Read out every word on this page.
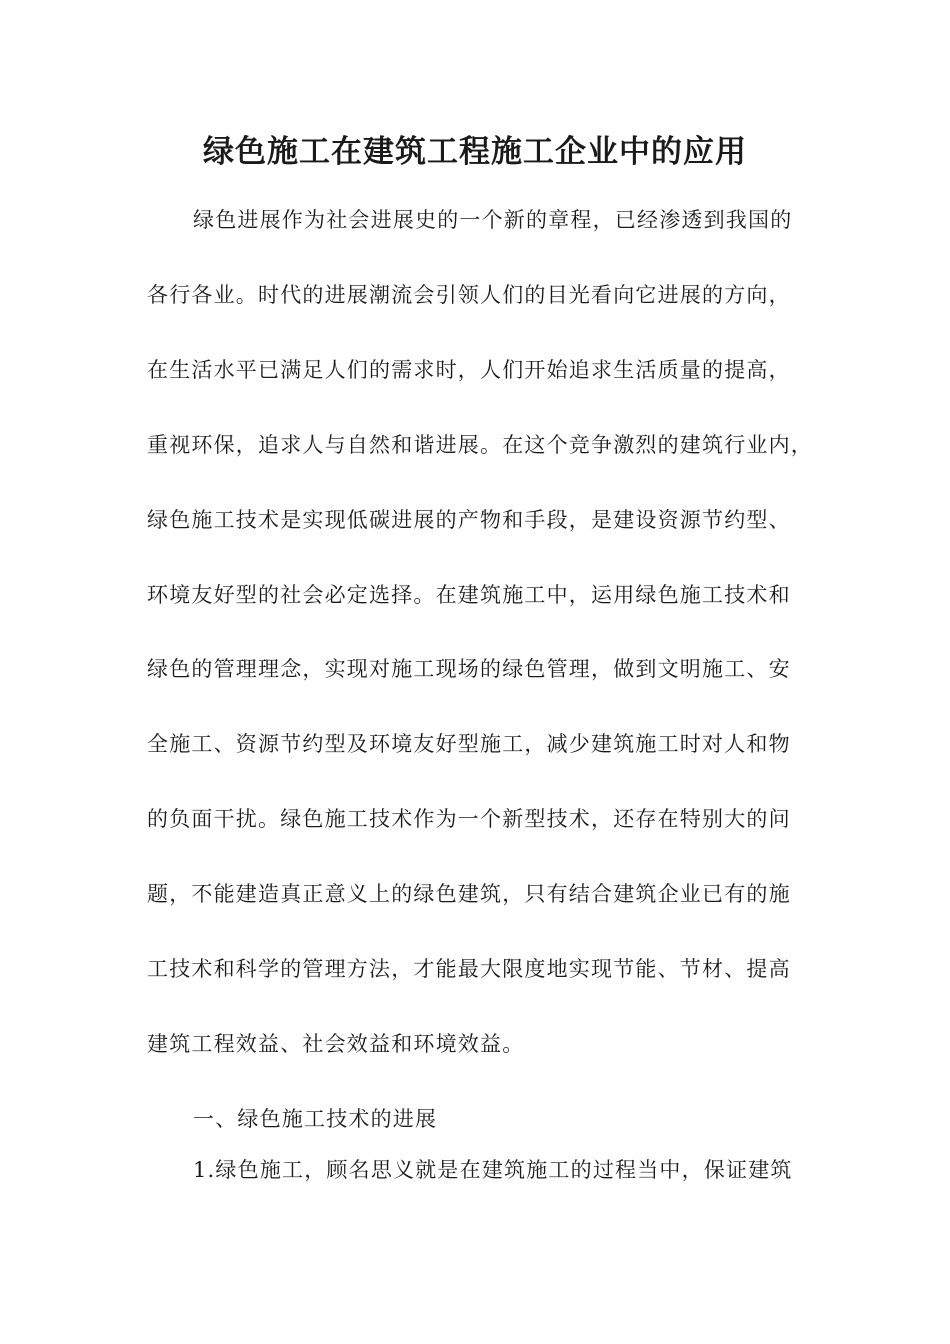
绿色施工在建筑工程施工企业中的应用

绿色进展作为社会进展史的一个新的章程，已经渗透到我国的

各行各业。时代的进展潮流会引领人们的目光看向它进展的方向，

在生活水平已满足人们的需求时，人们开始追求生活质量的提高，

重视环保，追求人与自然和谐进展。在这个竞争激烈的建筑行业内，

绿色施工技术是实现低碳进展的产物和手段，是建设资源节约型、

环境友好型的社会必定选择。在建筑施工中，运用绿色施工技术和

绿色的管理理念，实现对施工现场的绿色管理，做到文明施工、安

全施工、资源节约型及环境友好型施工，减少建筑施工时对人和物

的负面干扰。绿色施工技术作为一个新型技术，还存在特别大的问

题，不能建造真正意义上的绿色建筑，只有结合建筑企业已有的施

工技术和科学的管理方法，才能最大限度地实现节能、节材、提高

建筑工程效益、社会效益和环境效益。

一、绿色施工技术的进展

1.绿色施工，顾名思义就是在建筑施工的过程当中，保证建筑
